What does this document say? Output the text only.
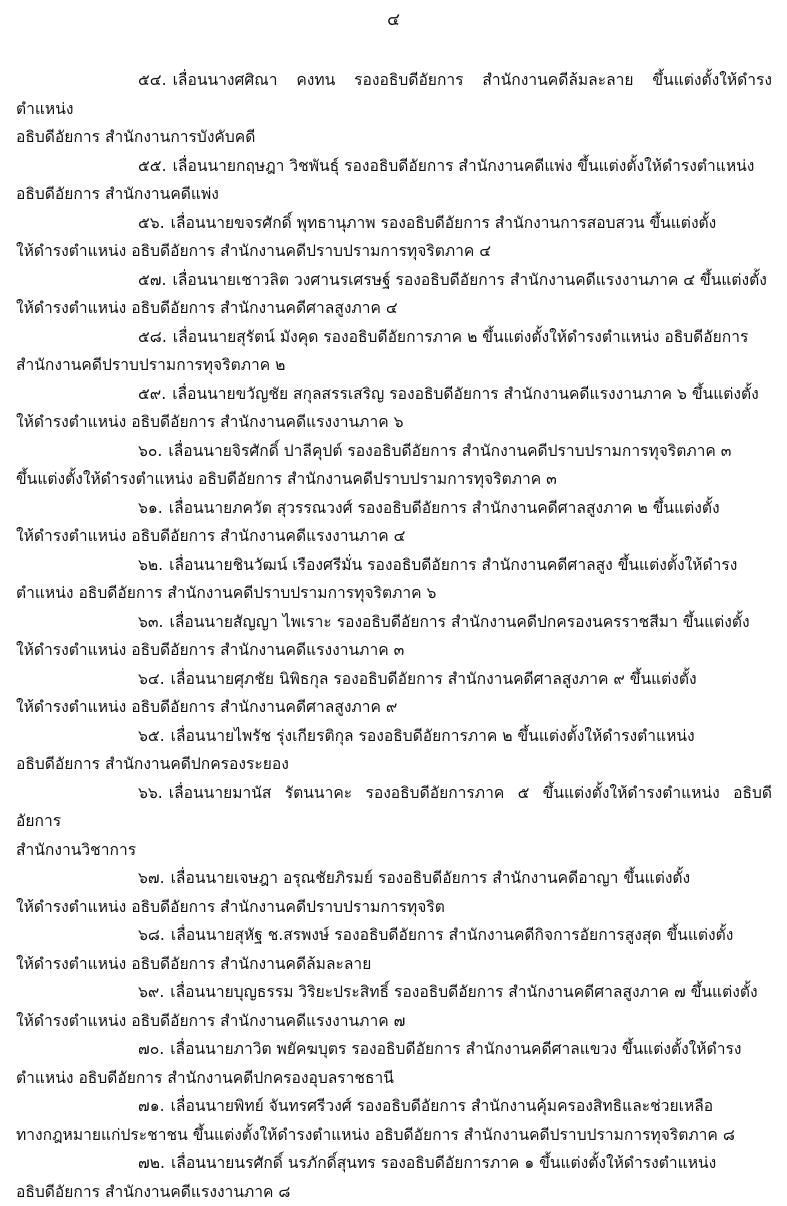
๔

๕๔. เลื่อนนางศศิณา คงทน รองอธิบดีอัยการ สำนักงานคดีล้มละลาย ขึ้นแต่งตั้งให้ดำรงตำแหน่ง
อธิบดีอัยการ สำนักงานการบังคับคดี

๕๕. เลื่อนนายกฤษฎา วิชพันธุ์ รองอธิบดีอัยการ สำนักงานคดีแพ่ง ขึ้นแต่งตั้งให้ดำรงตำแหน่ง
อธิบดีอัยการ สำนักงานคดีแพ่ง

๕๖. เลื่อนนายขจรศักดิ์ พุทธานุภาพ รองอธิบดีอัยการ สำนักงานการสอบสวน ขึ้นแต่งตั้ง
ให้ดำรงตำแหน่ง อธิบดีอัยการ สำนักงานคดีปราบปรามการทุจริตภาค ๔

๕๗. เลื่อนนายเชาวลิต วงศานรเศรษฐ์ รองอธิบดีอัยการ สำนักงานคดีแรงงานภาค ๔ ขึ้นแต่งตั้ง
ให้ดำรงตำแหน่ง อธิบดีอัยการ สำนักงานคดีศาลสูงภาค ๔

๕๘. เลื่อนนายสุรัตน์ มังคุด รองอธิบดีอัยการภาค ๒ ขึ้นแต่งตั้งให้ดำรงตำแหน่ง อธิบดีอัยการ
สำนักงานคดีปราบปรามการทุจริตภาค ๒

๕๙. เลื่อนนายขวัญชัย สกุลสรรเสริญ รองอธิบดีอัยการ สำนักงานคดีแรงงานภาค ๖ ขึ้นแต่งตั้ง
ให้ดำรงตำแหน่ง อธิบดีอัยการ สำนักงานคดีแรงงานภาค ๖

๖๐. เลื่อนนายจิรศักดิ์ ปาลีคุปต์ รองอธิบดีอัยการ สำนักงานคดีปราบปรามการทุจริตภาค ๓
ขึ้นแต่งตั้งให้ดำรงตำแหน่ง อธิบดีอัยการ สำนักงานคดีปราบปรามการทุจริตภาค ๓

๖๑. เลื่อนนายภควัต สุวรรณวงศ์ รองอธิบดีอัยการ สำนักงานคดีศาลสูงภาค ๒ ขึ้นแต่งตั้ง
ให้ดำรงตำแหน่ง อธิบดีอัยการ สำนักงานคดีแรงงานภาค ๔

๖๒. เลื่อนนายชินวัฒน์ เรืองศรีมั่น รองอธิบดีอัยการ สำนักงานคดีศาลสูง ขึ้นแต่งตั้งให้ดำรง
ตำแหน่ง อธิบดีอัยการ สำนักงานคดีปราบปรามการทุจริตภาค ๖

๖๓. เลื่อนนายสัญญา ไพเราะ รองอธิบดีอัยการ สำนักงานคดีปกครองนครราชสีมา ขึ้นแต่งตั้ง
ให้ดำรงตำแหน่ง อธิบดีอัยการ สำนักงานคดีแรงงานภาค ๓

๖๔. เลื่อนนายศุภชัย นิพิธกุล รองอธิบดีอัยการ สำนักงานคดีศาลสูงภาค ๙ ขึ้นแต่งตั้ง
ให้ดำรงตำแหน่ง อธิบดีอัยการ สำนักงานคดีศาลสูงภาค ๙

๖๕. เลื่อนนายไพรัช รุ่งเกียรติกุล รองอธิบดีอัยการภาค ๒ ขึ้นแต่งตั้งให้ดำรงตำแหน่ง
อธิบดีอัยการ สำนักงานคดีปกครองระยอง

๖๖. เลื่อนนายมานัส รัตนนาคะ รองอธิบดีอัยการภาค ๕ ขึ้นแต่งตั้งให้ดำรงตำแหน่ง อธิบดีอัยการ
สำนักงานวิชาการ

๖๗. เลื่อนนายเจษฎา อรุณชัยภิรมย์ รองอธิบดีอัยการ สำนักงานคดีอาญา ขึ้นแต่งตั้ง
ให้ดำรงตำแหน่ง อธิบดีอัยการ สำนักงานคดีปราบปรามการทุจริต

๖๘. เลื่อนนายสุหัฐ ช.สรพงษ์ รองอธิบดีอัยการ สำนักงานคดีกิจการอัยการสูงสุด ขึ้นแต่งตั้ง
ให้ดำรงตำแหน่ง อธิบดีอัยการ สำนักงานคดีล้มละลาย

๖๙. เลื่อนนายบุญธรรม วิริยะประสิทธิ์ รองอธิบดีอัยการ สำนักงานคดีศาลสูงภาค ๗ ขึ้นแต่งตั้ง
ให้ดำรงตำแหน่ง อธิบดีอัยการ สำนักงานคดีแรงงานภาค ๗

๗๐. เลื่อนนายภาวิต พยัคฆบุตร รองอธิบดีอัยการ สำนักงานคดีศาลแขวง ขึ้นแต่งตั้งให้ดำรง
ตำแหน่ง อธิบดีอัยการ สำนักงานคดีปกครองอุบลราชธานี

๗๑. เลื่อนนายพิทย์ จันทรศรีวงศ์ รองอธิบดีอัยการ สำนักงานคุ้มครองสิทธิและช่วยเหลือ
ทางกฎหมายแก่ประชาชน ขึ้นแต่งตั้งให้ดำรงตำแหน่ง อธิบดีอัยการ สำนักงานคดีปราบปรามการทุจริตภาค ๘

๗๒. เลื่อนนายนรศักดิ์ นรภักดิ์สุนทร รองอธิบดีอัยการภาค ๑ ขึ้นแต่งตั้งให้ดำรงตำแหน่ง
อธิบดีอัยการ สำนักงานคดีแรงงานภาค ๘
